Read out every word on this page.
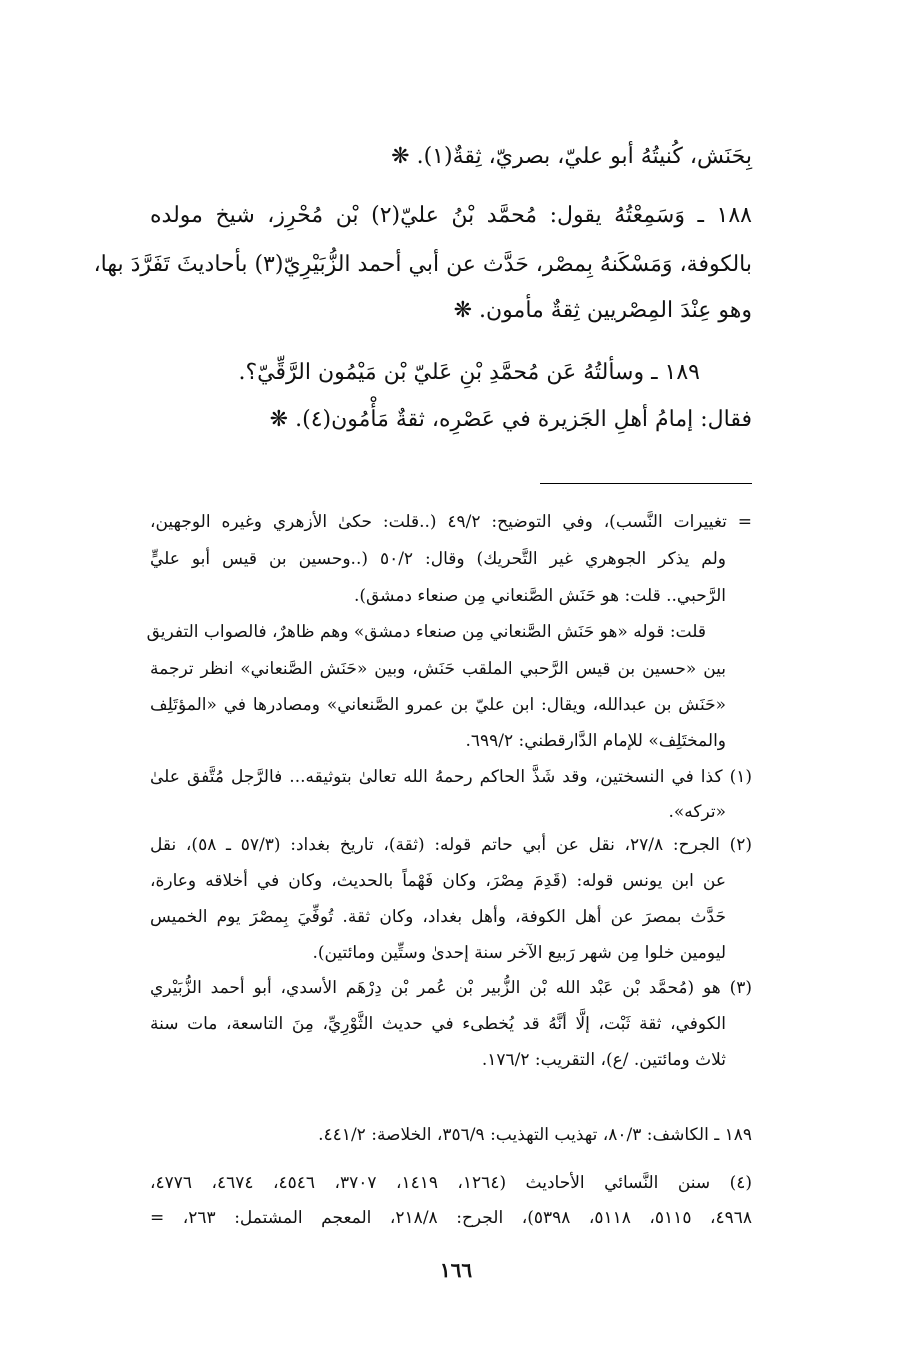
بِحَنَش، كُنيتُهُ أبو عليّ، بصريّ، ثِقةٌ(١). ❋
١٨٨ ـ وَسَمِعْتُهُ يقول: مُحمَّد بْنُ عليّ(٢) بْن مُحْرِز، شيخ مولده
بالكوفة، وَمَسْكَنهُ بِمصْر، حَدَّث عن أبي أحمد الزُّبَيْرِيّ(٣) بأحاديثَ تَفَرَّدَ بها،
وهو عِنْدَ المِصْريين ثِقةٌ مأمون. ❋
١٨٩ ـ وسألتُهُ عَن مُحمَّدِ بْنِ عَليّ بْن مَيْمُون الرَّقِّيّ؟.
فقال: إمامُ أهلِ الجَزيرة في عَصْرِه، ثقةٌ مَأْمُون(٤). ❋
= تغييرات النَّسب)، وفي التوضيح: ٤٩/٢ (..قلت: حكىٰ الأزهري وغيره الوجهين،
ولم يذكر الجوهري غير التَّحريك) وقال: ٥٠/٢ (..وحسين بن قيس أبو عليٍّ
الرَّحبي.. قلت: هو حَنَش الصَّنعاني مِن صنعاء دمشق).
قلت: قوله «هو حَنَش الصَّنعاني مِن صنعاء دمشق» وهم ظاهرٌ، فالصواب التفريق
بين «حسين بن قيس الرَّحبي الملقب حَنَش، وبين «حَنَش الصَّنعاني» انظر ترجمة
«حَنَش بن عبدالله، ويقال: ابن عليّ بن عمرو الصَّنعاني» ومصادرها في «المؤتَلِف
والمختَلِف» للإمام الدَّارقطني: ٦٩٩/٢.
(١) كذا في النسختين، وقد شَذَّ الحاكم رحمهُ الله تعالىٰ بتوثيقه... فالرَّجل مُتَّفق علىٰ
«تركه».
(٢) الجرح: ٢٧/٨، نقل عن أبي حاتم قوله: (ثقة)، تاريخ بغداد: (٥٧/٣ ـ ٥٨)، نقل
عن ابن يونس قوله: (قَدِمَ مِصْرَ، وكان فَهْماً بالحديث، وكان في أخلاقه وعارة،
حَدَّث بمصرَ عن أهل الكوفة، وأهل بغداد، وكان ثقة. تُوفِّيَ بِمصْرَ يوم الخميس
ليومين خلوا مِن شهر رَبيع الآخر سنة إحدىٰ وستِّين ومائتين).
(٣) هو (مُحمَّد بْن عَبْد الله بْن الزُّبير بْن عُمر بْن دِرْهَم الأسدي، أبو أحمد الزُّبَيْري
الكوفي، ثقة ثَبْت، إلَّا أنَّهُ قد يُخطىء في حديث الثَّوْرِيِّ، مِنَ التاسعة، مات سنة
ثلاث ومائتين. /ع)، التقريب: ١٧٦/٢.
١٨٩ ـ الكاشف: ٨٠/٣، تهذيب التهذيب: ٣٥٦/٩، الخلاصة: ٤٤١/٢.
(٤) سنن النَّسائي الأحاديث (١٢٦٤، ١٤١٩، ٣٧٠٧، ٤٥٤٦، ٤٦٧٤، ٤٧٧٦،
٤٩٦٨، ٥١١٥، ٥١١٨، ٥٣٩٨)، الجرح: ٢١٨/٨، المعجم المشتمل: ٢٦٣، =
١٦٦
